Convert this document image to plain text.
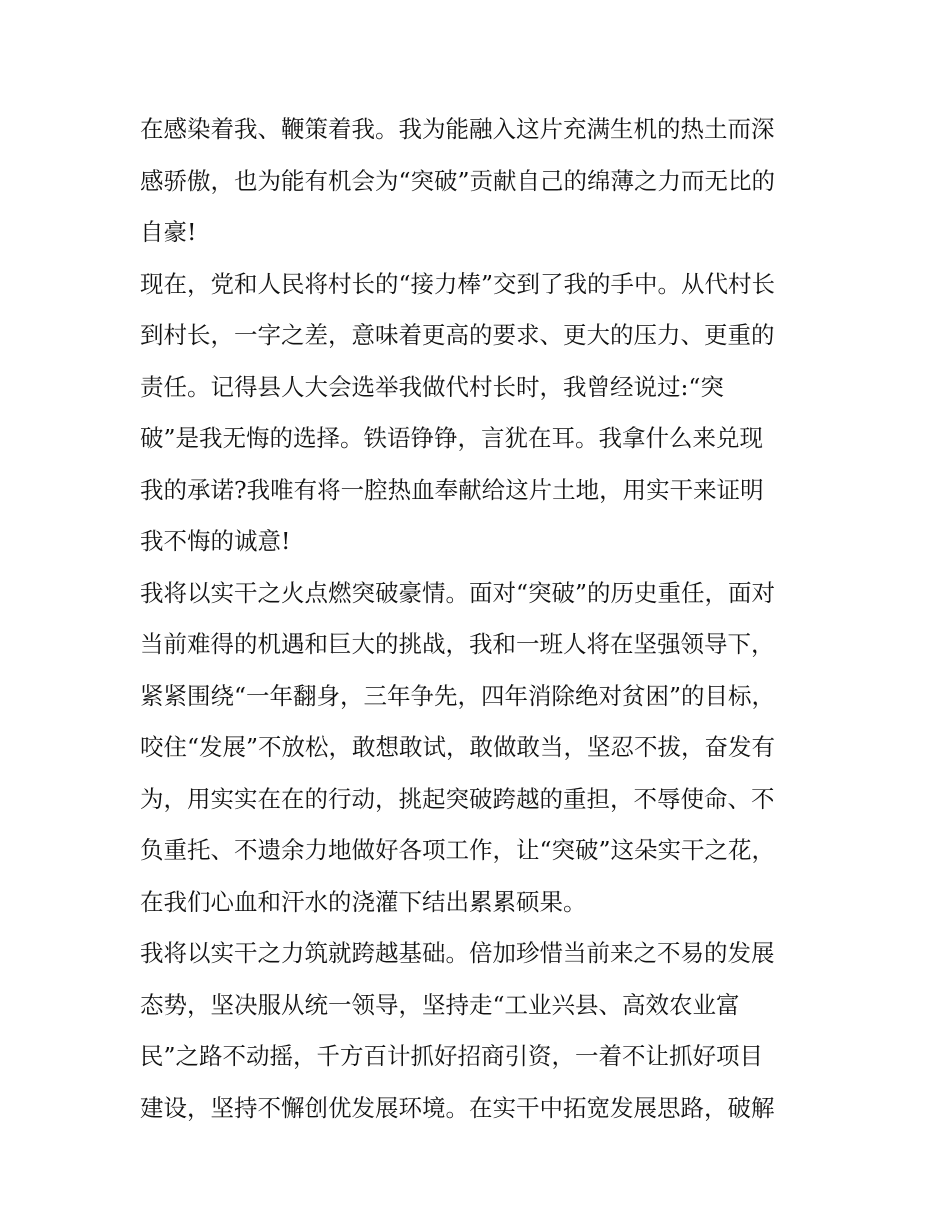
在感染着我、鞭策着我。我为能融入这片充满生机的热土而深
感骄傲，也为能有机会为“突破”贡献自己的绵薄之力而无比的
自豪!
现在，党和人民将村长的“接力棒”交到了我的手中。从代村长
到村长，一字之差，意味着更高的要求、更大的压力、更重的
责任。记得县人大会选举我做代村长时，我曾经说过:“突
破”是我无悔的选择。铁语铮铮，言犹在耳。我拿什么来兑现
我的承诺?我唯有将一腔热血奉献给这片土地，用实干来证明
我不悔的诚意!
我将以实干之火点燃突破豪情。面对“突破”的历史重任，面对
当前难得的机遇和巨大的挑战，我和一班人将在坚强领导下，
紧紧围绕“一年翻身，三年争先，四年消除绝对贫困”的目标，
咬住“发展”不放松，敢想敢试，敢做敢当，坚忍不拔，奋发有
为，用实实在在的行动，挑起突破跨越的重担，不辱使命、不
负重托、不遗余力地做好各项工作，让“突破”这朵实干之花，
在我们心血和汗水的浇灌下结出累累硕果。
我将以实干之力筑就跨越基础。倍加珍惜当前来之不易的发展
态势，坚决服从统一领导，坚持走“工业兴县、高效农业富
民”之路不动摇，千方百计抓好招商引资，一着不让抓好项目
建设，坚持不懈创优发展环境。在实干中拓宽发展思路，破解
